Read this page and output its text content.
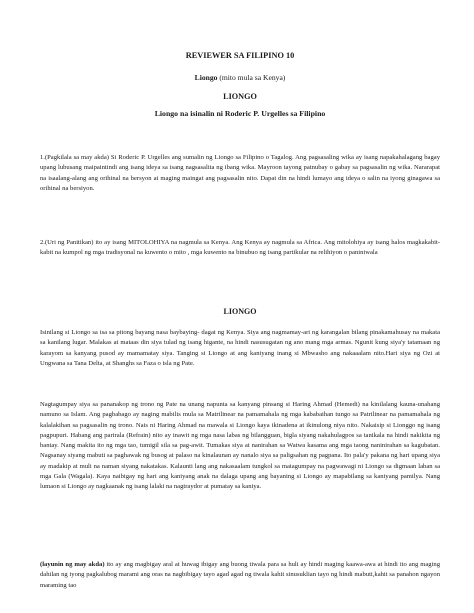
REVIEWER SA FILIPINO 10
Liongo (mito mula sa Kenya)
LIONGO
Liongo na isinalin ni Roderic P. Urgelles sa Filipino

1.(Pagkilala sa may akda) Si Roderic P. Urgelles ang sumalin ng Liongo sa Filipino o Tagalog. Ang pagsasaling wika ay isang napakahalagang bagay upang lubusang maipaintindi ang isang ideya sa isang nagsasalita ng ibang wika. Mayroon tayong patnubay o gabay sa pagsasalin ng wika. Nararapat na isaalang-alang ang orihinal na bersyon at maging maingat ang pagsasalin nito. Dapat din na hindi lumayo ang ideya o salin na iyong ginagawa sa orihinal na bersiyon.

2.(Uri ng Panitikan) ito ay isang MITOLOHIYA na nagmula sa Kenya. Ang Kenya ay nagmula sa Africa. Ang mitolohiya ay isang halos magkakabit-kabit na kumpol ng mga tradisyonal na kuwento o mito , mga kuwento na binubuo ng isang partikular na relihiyon o paniniwala

LIONGO

Isinilang si Liongo sa isa sa pitong bayang nasa baybaying- dagat ng Kenya. Siya ang nagmamay-ari ng karangalan bilang pinakamahusay na makata sa kanilang lugar. Malakas at mataas din siya tulad ng isang higante, na hindi nasusugatan ng ano mang mga armas. Ngunit kung siya'y tatamaan ng karayom sa kanyang pusod ay mamamatay siya. Tanging si Liongo at ang kaniyang inang si Mbwasho ang nakaaalam nito.Hari siya ng Ozi at Ungwana sa Tana Delta, at Shanghs sa Faza o isla ng Pate.

Nagtagumpay siya sa pananakop ng trono ng Pate na unang napunta sa kanyang pinsang si Haring Ahmad (Hemedi) na kinilalang kauna-unahang namuno sa Islam. Ang pagbabago ay naging mabilis mula sa Matrilinear na pamamahala ng mga kababaihan tungo sa Patrilinear na pamamahala ng kalalakihan sa pagsasalin ng trono. Nais ni Haring Ahmad na mawala si Liongo kaya ikinadena at ikinulong niya nito. Nakaisip si Lionggo ng isang pagpupuri. Habang ang parirala (Refrain) nito ay inawit ng mga nasa labas ng bilangguan, bigla siyang nakahulagpos sa tanikala na hindi nakikita ng bantay. Nang makita ito ng mga tao, tumigil sila sa pag-awit. Tumakas siya at nanirahan sa Watwa kasama ang mga taong naninirahan sa kagubatan. Nagsanay siyang mabuti sa paghawak ng busog at palaso na kinalaunan ay nanalo siya sa paligsahan ng pagpana. Ito pala'y pakana ng hari upang siya ay madakip at muli na naman siyang nakatakas. Kalaunti lang ang nakasaalam tungkol sa matagumpay na pagwawagi ni Liongo sa digmaan laban sa mga Gala (Wagala). Kaya naibigay ng hari ang kaniyang anak na dalaga upang ang bayaning si Liongo ay mapabilang sa kaniyang pamilya. Nang lumaon si Liongo ay nagkaanak ng isang lalaki na nagtraydor at pumatay sa kaniya.

(layunin ng may akda) ito ay ang magbigay aral at huwag ibigay ang buong tiwala para sa huli ay hindi maging kaawa-awa at hindi ito ang maging dahilan ng iyong pagkalubog marami ang oras na nagbibigay tayo agad agad ng tiwala kahit sinusuklian tayo ng hindi mabuti,kahit sa panahon ngayon maraming tao
